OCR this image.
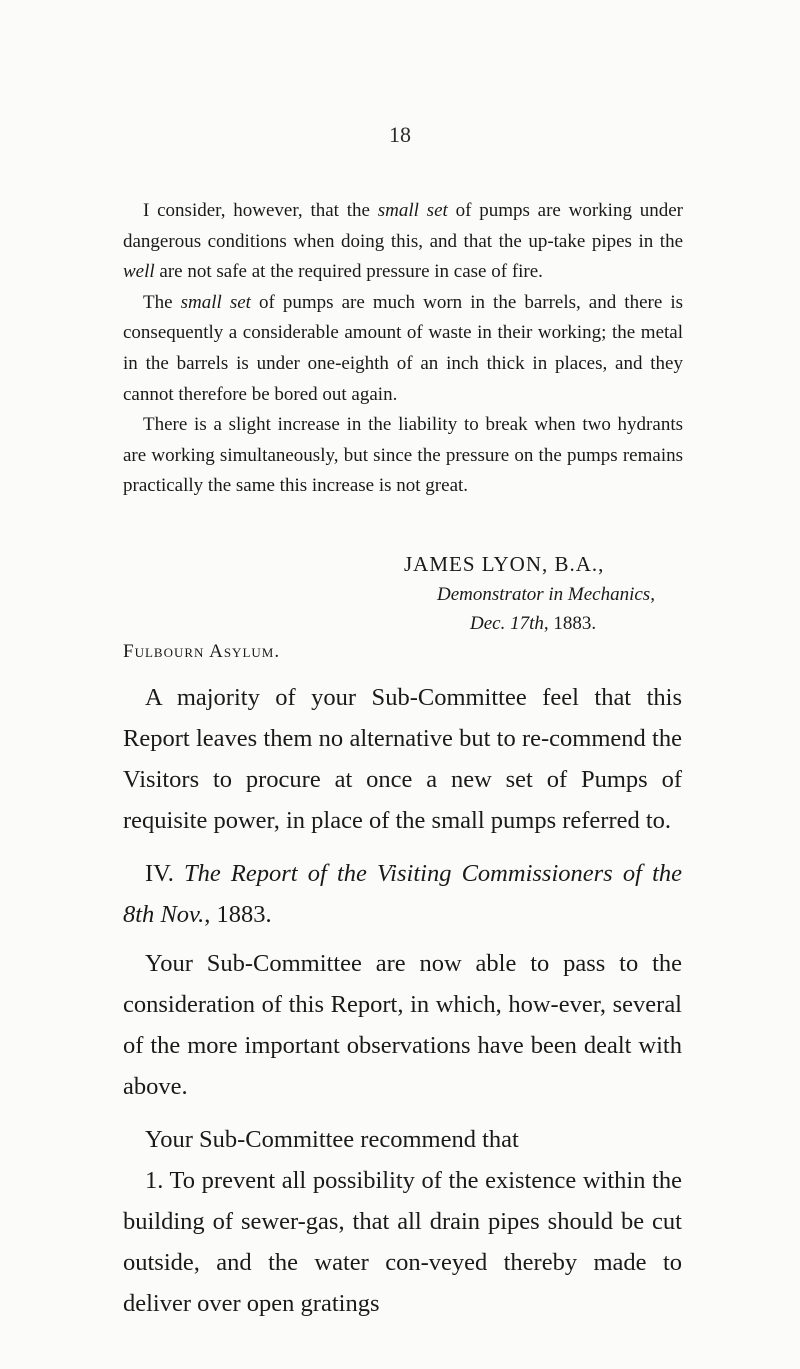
18

I consider, however, that the small set of pumps are working under dangerous conditions when doing this, and that the up-take pipes in the well are not safe at the required pressure in case of fire.

The small set of pumps are much worn in the barrels, and there is consequently a considerable amount of waste in their working; the metal in the barrels is under one-eighth of an inch thick in places, and they cannot therefore be bored out again.

There is a slight increase in the liability to break when two hydrants are working simultaneously, but since the pressure on the pumps remains practically the same this increase is not great.

JAMES LYON, B.A.,
Demonstrator in Mechanics,
Dec. 17th, 1883.
Fulbourn Asylum.

A majority of your Sub-Committee feel that this Report leaves them no alternative but to re-commend the Visitors to procure at once a new set of Pumps of requisite power, in place of the small pumps referred to.

IV. The Report of the Visiting Commissioners of the 8th Nov., 1883.

Your Sub-Committee are now able to pass to the consideration of this Report, in which, how-ever, several of the more important observations have been dealt with above.

Your Sub-Committee recommend that

1. To prevent all possibility of the existence within the building of sewer-gas, that all drain pipes should be cut outside, and the water con-veyed thereby made to deliver over open gratings
